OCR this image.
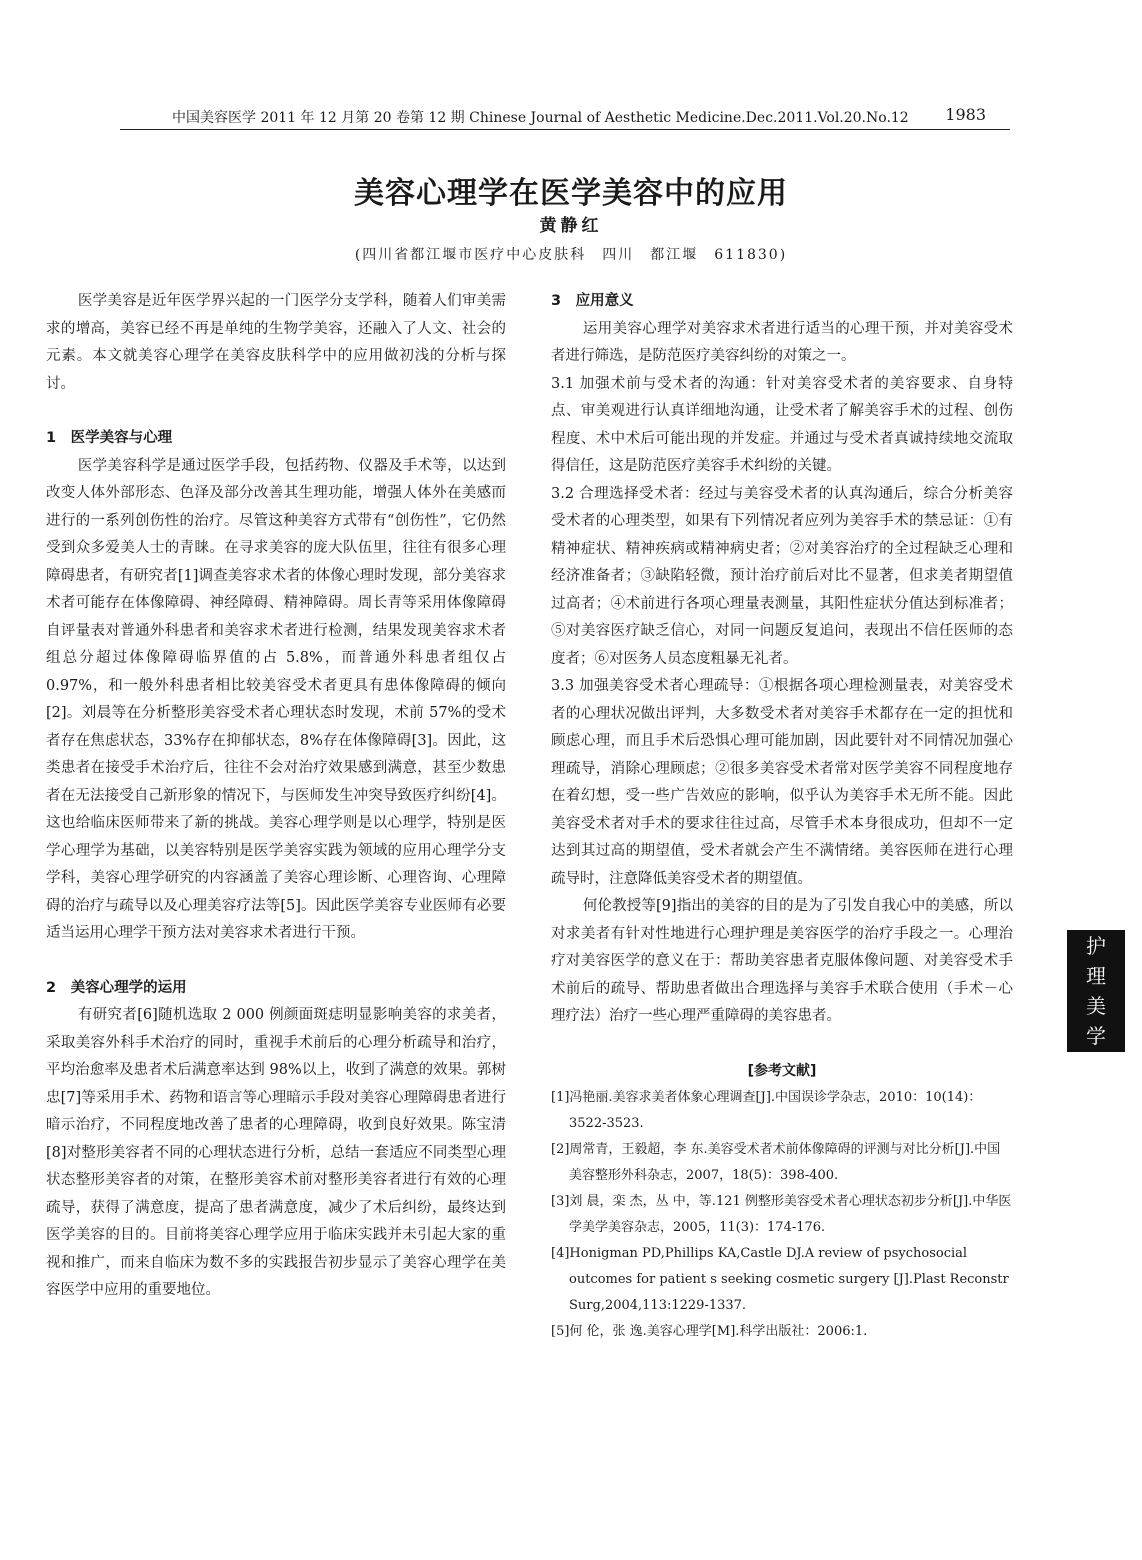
中国美容医学 2011 年 12 月第 20 卷第 12 期 Chinese Journal of Aesthetic Medicine.Dec.2011.Vol.20.No.12 1983
美容心理学在医学美容中的应用
黄静红
(四川省都江堰市医疗中心皮肤科　四川　都江堰　611830)

医学美容是近年医学界兴起的一门医学分支学科，随着人们审美需求的增高，美容已经不再是单纯的生物学美容，还融入了人文、社会的元素。本文就美容心理学在美容皮肤科学中的应用做初浅的分析与探讨。

1　医学美容与心理

医学美容科学是通过医学手段，包括药物、仪器及手术等，以达到改变人体外部形态、色泽及部分改善其生理功能，增强人体外在美感而进行的一系列创伤性的治疗。尽管这种美容方式带有“创伤性”，它仍然受到众多爱美人士的青睐。在寻求美容的庞大队伍里，往往有很多心理障碍患者，有研究者[1]调查美容求术者的体像心理时发现，部分美容求术者可能存在体像障碍、神经障碍、精神障碍。周长青等采用体像障碍自评量表对普通外科患者和美容求术者进行检测，结果发现美容求术者组总分超过体像障碍临界值的占 5.8%，而普通外科患者组仅占 0.97%，和一般外科患者相比较美容受术者更具有患体像障碍的倾向[2]。刘晨等在分析整形美容受术者心理状态时发现，术前 57%的受术者存在焦虑状态，33%存在抑郁状态，8%存在体像障碍[3]。因此，这类患者在接受手术治疗后，往往不会对治疗效果感到满意，甚至少数患者在无法接受自己新形象的情况下，与医师发生冲突导致医疗纠纷[4]。这也给临床医师带来了新的挑战。美容心理学则是以心理学，特别是医学心理学为基础，以美容特别是医学美容实践为领域的应用心理学分支学科，美容心理学研究的内容涵盖了美容心理诊断、心理咨询、心理障碍的治疗与疏导以及心理美容疗法等[5]。因此医学美容专业医师有必要适当运用心理学干预方法对美容求术者进行干预。

2　美容心理学的运用

有研究者[6]随机选取 2 000 例颜面斑痣明显影响美容的求美者，采取美容外科手术治疗的同时，重视手术前后的心理分析疏导和治疗，平均治愈率及患者术后满意率达到 98%以上，收到了满意的效果。郭树忠[7]等采用手术、药物和语言等心理暗示手段对美容心理障碍患者进行暗示治疗，不同程度地改善了患者的心理障碍，收到良好效果。陈宝清[8]对整形美容者不同的心理状态进行分析，总结一套适应不同类型心理状态整形美容者的对策，在整形美容术前对整形美容者进行有效的心理疏导，获得了满意度，提高了患者满意度，减少了术后纠纷，最终达到医学美容的目的。目前将美容心理学应用于临床实践并未引起大家的重视和推广，而来自临床为数不多的实践报告初步显示了美容心理学在美容医学中应用的重要地位。

3　应用意义

运用美容心理学对美容求术者进行适当的心理干预，并对美容受术者进行筛选，是防范医疗美容纠纷的对策之一。

3.1 加强术前与受术者的沟通：针对美容受术者的美容要求、自身特点、审美观进行认真详细地沟通，让受术者了解美容手术的过程、创伤程度、术中术后可能出现的并发症。并通过与受术者真诚持续地交流取得信任，这是防范医疗美容手术纠纷的关键。

3.2 合理选择受术者：经过与美容受术者的认真沟通后，综合分析美容受术者的心理类型，如果有下列情况者应列为美容手术的禁忌证：①有精神症状、精神疾病或精神病史者；②对美容治疗的全过程缺乏心理和经济准备者；③缺陷轻微，预计治疗前后对比不显著，但求美者期望值过高者；④术前进行各项心理量表测量，其阳性症状分值达到标准者；⑤对美容医疗缺乏信心，对同一问题反复追问，表现出不信任医师的态度者；⑥对医务人员态度粗暴无礼者。

3.3 加强美容受术者心理疏导：①根据各项心理检测量表，对美容受术者的心理状况做出评判，大多数受术者对美容手术都存在一定的担忧和顾虑心理，而且手术后恐惧心理可能加剧，因此要针对不同情况加强心理疏导，消除心理顾虑；②很多美容受术者常对医学美容不同程度地存在着幻想，受一些广告效应的影响，似乎认为美容手术无所不能。因此美容受术者对手术的要求往往过高，尽管手术本身很成功，但却不一定达到其过高的期望值，受术者就会产生不满情绪。美容医师在进行心理疏导时，注意降低美容受术者的期望值。

何伦教授等[9]指出的美容的目的是为了引发自我心中的美感，所以对求美者有针对性地进行心理护理是美容医学的治疗手段之一。心理治疗对美容医学的意义在于：帮助美容患者克服体像问题、对美容受术手术前后的疏导、帮助患者做出合理选择与美容手术联合使用（手术－心理疗法）治疗一些心理严重障碍的美容患者。

[参考文献]
[1]冯艳丽.美容求美者体象心理调查[J].中国误诊学杂志，2010：10(14)：3522-3523.
[2]周常青，王毅超，李 东.美容受术者术前体像障碍的评测与对比分析[J].中国美容整形外科杂志，2007，18(5)：398-400.
[3]刘 晨，栾 杰，丛 中，等.121 例整形美容受术者心理状态初步分析[J].中华医学美学美容杂志，2005，11(3)：174-176.
[4]Honigman PD,Phillips KA,Castle DJ.A review of psychosocial outcomes for patient s seeking cosmetic surgery [J].Plast Reconstr Surg,2004,113:1229-1337.
[5]何 伦，张 逸.美容心理学[M].科学出版社：2006:1.
护
理
美
学
